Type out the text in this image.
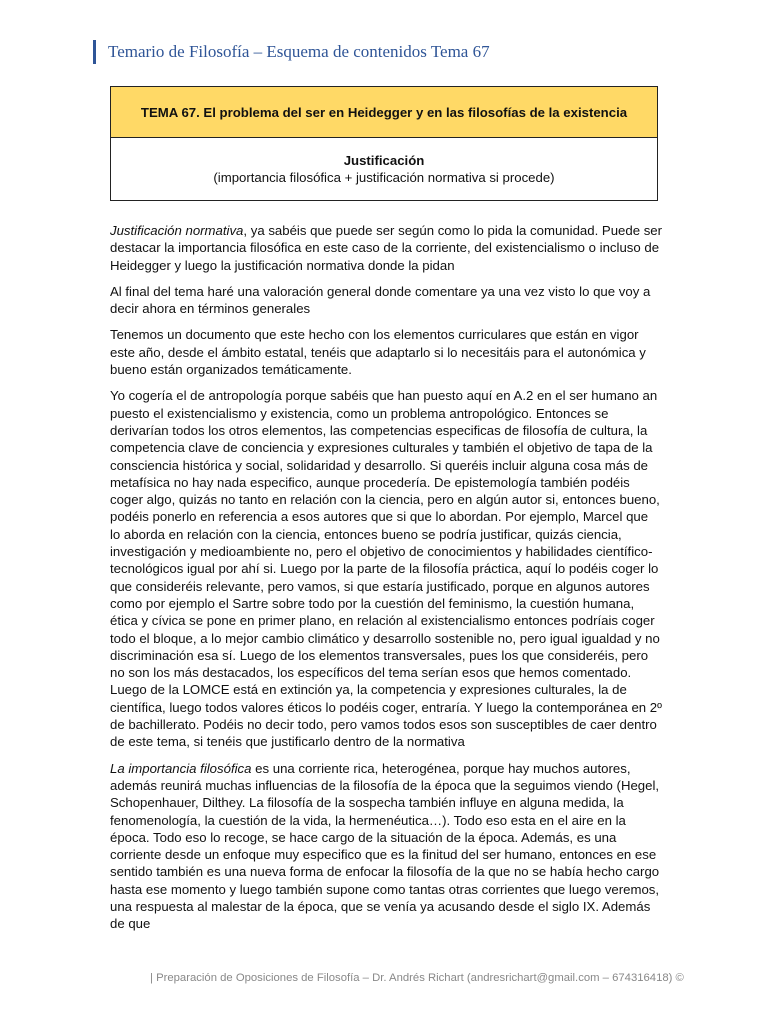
Temario de Filosofía – Esquema de contenidos Tema 67
TEMA 67. El problema del ser en Heidegger y en las filosofías de la existencia
Justificación
(importancia filosófica + justificación normativa si procede)

Justificación normativa, ya sabéis que puede ser según como lo pida la comunidad. Puede ser destacar la importancia filosófica en este caso de la corriente, del existencialismo o incluso de Heidegger y luego la justificación normativa donde la pidan

Al final del tema haré una valoración general donde comentare ya una vez visto lo que voy a decir ahora en términos generales

Tenemos un documento que este hecho con los elementos curriculares que están en vigor este año, desde el ámbito estatal, tenéis que adaptarlo si lo necesitáis para el autonómica y bueno están organizados temáticamente.

Yo cogería el de antropología porque sabéis que han puesto aquí en A.2 en el ser humano an puesto el existencialismo y existencia, como un problema antropológico. Entonces se derivarían todos los otros elementos, las competencias especificas de filosofía de cultura, la competencia clave de conciencia y expresiones culturales y también el objetivo de tapa de la consciencia histórica y social, solidaridad y desarrollo. Si queréis incluir alguna cosa más de metafísica no hay nada especifico, aunque procedería. De epistemología también podéis coger algo, quizás no tanto en relación con la ciencia, pero en algún autor si, entonces bueno, podéis ponerlo en referencia a esos autores que si que lo abordan. Por ejemplo, Marcel que lo aborda en relación con la ciencia, entonces bueno se podría justificar, quizás ciencia, investigación y medioambiente no, pero el objetivo de conocimientos y habilidades científico-tecnológicos igual por ahí si. Luego por la parte de la filosofía práctica, aquí lo podéis coger lo que consideréis relevante, pero vamos, si que estaría justificado, porque en algunos autores como por ejemplo el Sartre sobre todo por la cuestión del feminismo, la cuestión humana, ética y cívica se pone en primer plano, en relación al existencialismo entonces podríais coger todo el bloque, a lo mejor cambio climático y desarrollo sostenible no, pero igual igualdad y no discriminación esa sí. Luego de los elementos transversales, pues los que consideréis, pero no son los más destacados, los específicos del tema serían esos que hemos comentado. Luego de la LOMCE está en extinción ya, la competencia y expresiones culturales, la de científica, luego todos valores éticos lo podéis coger, entraría. Y luego la contemporánea en 2º de bachillerato. Podéis no decir todo, pero vamos todos esos son susceptibles de caer dentro de este tema, si tenéis que justificarlo dentro de la normativa

La importancia filosófica es una corriente rica, heterogénea, porque hay muchos autores, además reunirá muchas influencias de la filosofía de la época que la seguimos viendo (Hegel, Schopenhauer, Dilthey. La filosofía de la sospecha también influye en alguna medida, la fenomenología, la cuestión de la vida, la hermenéutica…). Todo eso esta en el aire en la época. Todo eso lo recoge, se hace cargo de la situación de la época. Además, es una corriente desde un enfoque muy especifico que es la finitud del ser humano, entonces en ese sentido también es una nueva forma de enfocar la filosofía de la que no se había hecho cargo hasta ese momento y luego también supone como tantas otras corrientes que luego veremos, una respuesta al malestar de la época, que se venía ya acusando desde el siglo IX. Además de que

| Preparación de Oposiciones de Filosofía – Dr. Andrés Richart (andresrichart@gmail.com – 674316418) ©
